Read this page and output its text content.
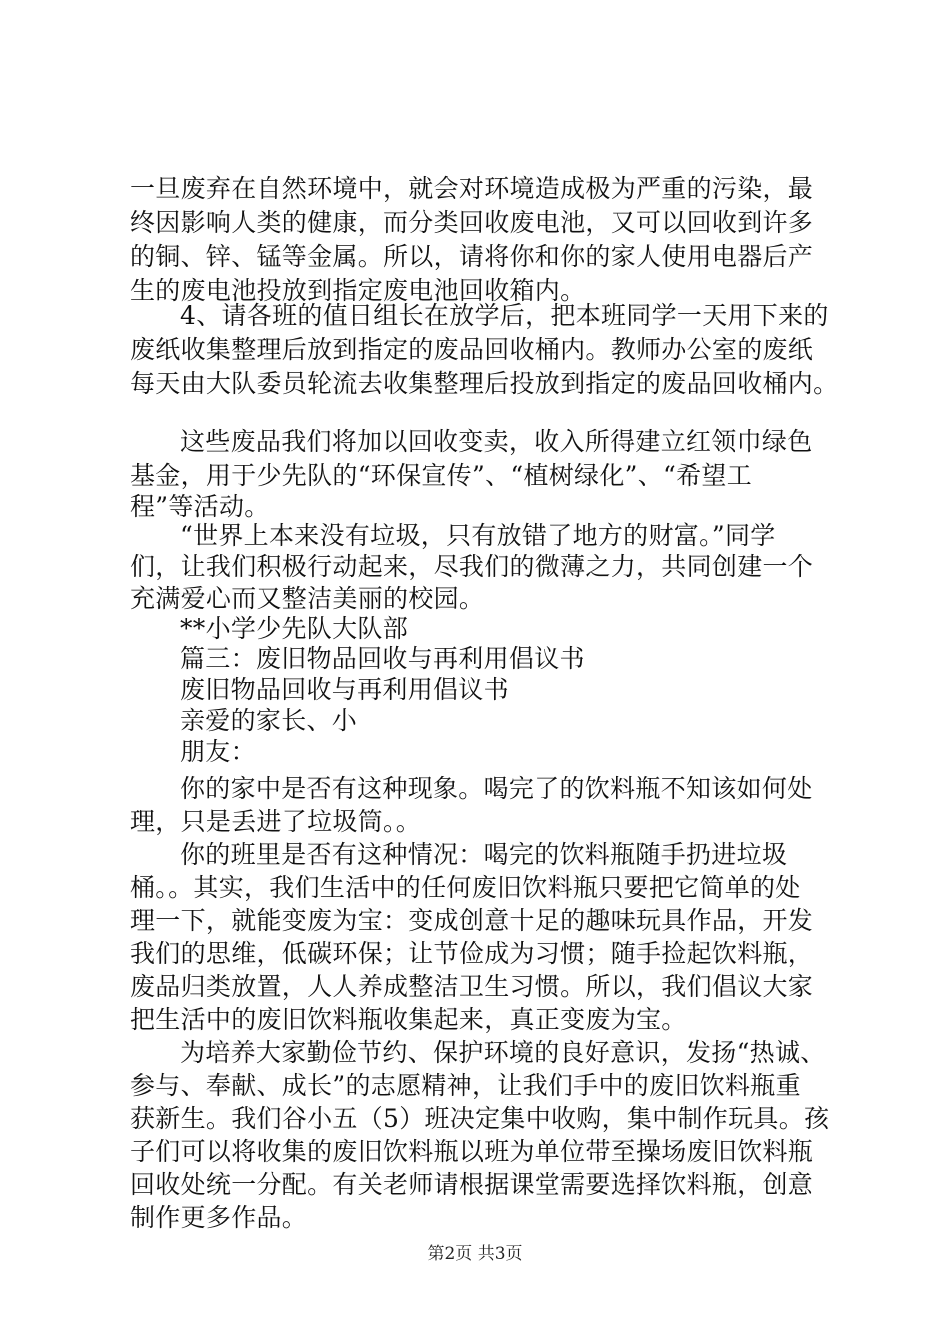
一旦废弃在自然环境中，就会对环境造成极为严重的污染，最
终因影响人类的健康，而分类回收废电池，又可以回收到许多
的铜、锌、锰等金属。所以，请将你和你的家人使用电器后产
生的废电池投放到指定废电池回收箱内。
4、请各班的值日组长在放学后，把本班同学一天用下来的
废纸收集整理后放到指定的废品回收桶内。教师办公室的废纸
每天由大队委员轮流去收集整理后投放到指定的废品回收桶内。
这些废品我们将加以回收变卖，收入所得建立红领巾绿色
基金，用于少先队的“环保宣传”、“植树绿化”、“希望工
程”等活动。
“世界上本来没有垃圾，只有放错了地方的财富。”同学
们，让我们积极行动起来，尽我们的微薄之力，共同创建一个
充满爱心而又整洁美丽的校园。
**小学少先队大队部
篇三：废旧物品回收与再利用倡议书
废旧物品回收与再利用倡议书
亲爱的家长、小
朋友：
你的家中是否有这种现象。喝完了的饮料瓶不知该如何处
理，只是丢进了垃圾筒。。
你的班里是否有这种情况：喝完的饮料瓶随手扔进垃圾
桶。。其实，我们生活中的任何废旧饮料瓶只要把它简单的处
理一下，就能变废为宝：变成创意十足的趣味玩具作品，开发
我们的思维，低碳环保；让节俭成为习惯；随手捡起饮料瓶，
废品归类放置，人人养成整洁卫生习惯。所以，我们倡议大家
把生活中的废旧饮料瓶收集起来，真正变废为宝。
为培养大家勤俭节约、保护环境的良好意识，发扬“热诚、
参与、奉献、成长”的志愿精神，让我们手中的废旧饮料瓶重
获新生。我们谷小五（5）班决定集中收购，集中制作玩具。孩
子们可以将收集的废旧饮料瓶以班为单位带至操场废旧饮料瓶
回收处统一分配。有关老师请根据课堂需要选择饮料瓶，创意
制作更多作品。
第2页 共3页
